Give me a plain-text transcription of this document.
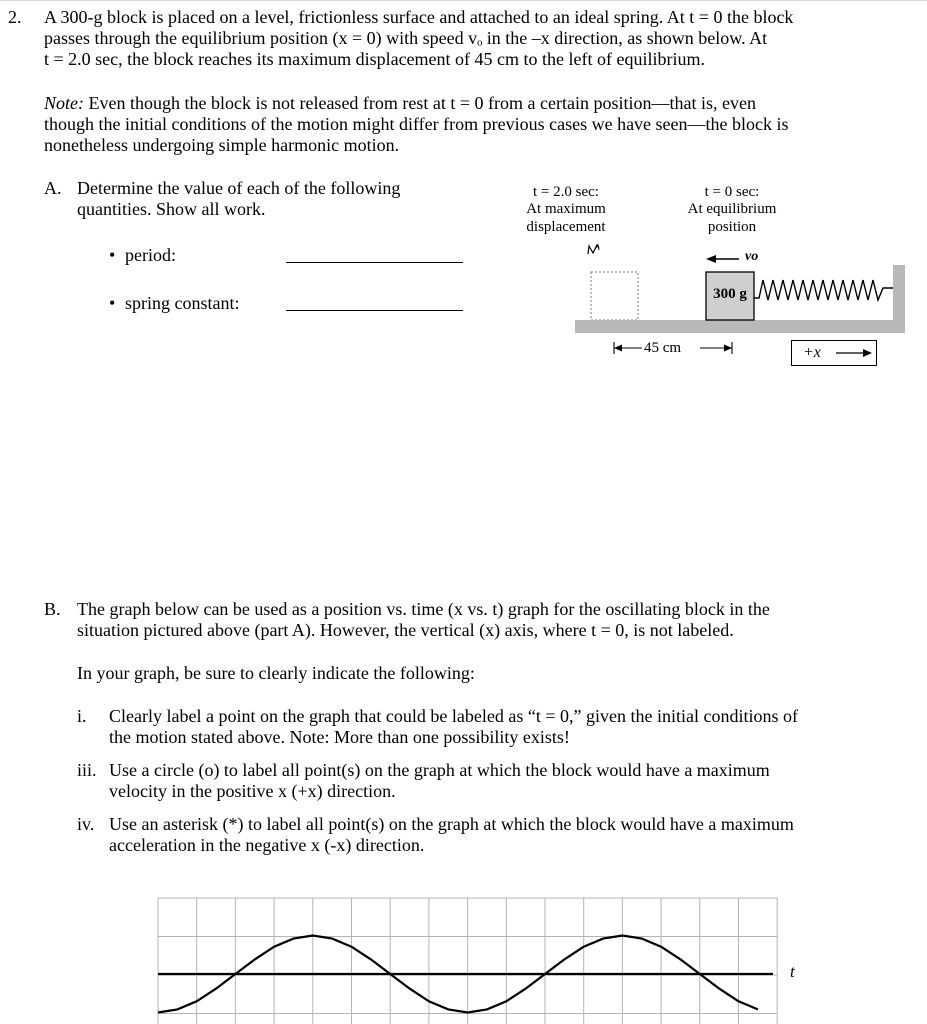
2. A 300-g block is placed on a level, frictionless surface and attached to an ideal spring. At t = 0 the block
passes through the equilibrium position (x = 0) with speed vₒ in the –x direction, as shown below. At
t = 2.0 sec, the block reaches its maximum displacement of 45 cm to the left of equilibrium.
Note: Even though the block is not released from rest at t = 0 from a certain position—that is, even
though the initial conditions of the motion might differ from previous cases we have seen—the block is
nonetheless undergoing simple harmonic motion.
A. Determine the value of each of the following
quantities. Show all work.
• period:
• spring constant:
t = 2.0 sec:
At maximum
displacement
t = 0 sec:
At equilibrium
position
vo
300 g
45 cm	+x
B. The graph below can be used as a position vs. time (x vs. t) graph for the oscillating block in the
situation pictured above (part A). However, the vertical (x) axis, where t = 0, is not labeled.
In your graph, be sure to clearly indicate the following:
i. Clearly label a point on the graph that could be labeled as “t = 0,” given the initial conditions of
the motion stated above. Note: More than one possibility exists!
iii. Use a circle (o) to label all point(s) on the graph at which the block would have a maximum
velocity in the positive x (+x) direction.
iv. Use an asterisk (*) to label all point(s) on the graph at which the block would have a maximum
acceleration in the negative x (-x) direction.
t
